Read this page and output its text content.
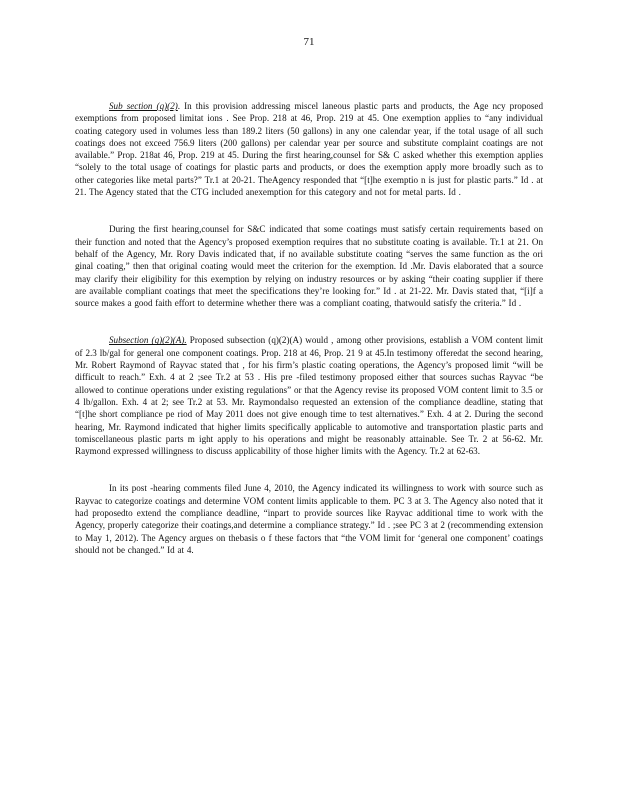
71

Sub section (q)(2). In this provision addressing miscel laneous plastic parts and products, the Age ncy proposed exemptions from proposed limitat ions . See Prop. 218 at 46, Prop. 219 at 45. One exemption applies to “any individual coating category used in volumes less than 189.2 liters (50 gallons) in any one calendar year, if the total usage of all such coatings does not exceed 756.9 liters (200 gallons) per calendar year per source and substitute complaint coatings are not available.” Prop. 218at 46, Prop. 219 at 45. During the first hearing,counsel for S& C asked whether this exemption applies “solely to the total usage of coatings for plastic parts and products, or does the exemption apply more broadly such as to other categories like metal parts?” Tr.1 at 20-21. TheAgency responded that “[t]he exemptio n is just for plastic parts.” Id . at 21. The Agency stated that the CTG included anexemption for this category and not for metal parts. Id .

During the first hearing,counsel for S&C indicated that some coatings must satisfy certain requirements based on their function and noted that the Agency’s proposed exemption requires that no substitute coating is available. Tr.1 at 21. On behalf of the Agency, Mr. Rory Davis indicated that, if no available substitute coating “serves the same function as the ori ginal coating,” then that original coating would meet the criterion for the exemption. Id .Mr. Davis elaborated that a source may clarify their eligibility for this exemption by relying on industry resources or by asking “their coating supplier if there are available compliant coatings that meet the specifications they’re looking for.” Id . at 21-22. Mr. Davis stated that, “[i]f a source makes a good faith effort to determine whether there was a compliant coating, thatwould satisfy the criteria.” Id .

Subsection (q)(2)(A). Proposed subsection (q)(2)(A) would , among other provisions, establish a VOM content limit of 2.3 lb/gal for general one component coatings. Prop. 218 at 46, Prop. 21 9 at 45.In testimony offeredat the second hearing, Mr. Robert Raymond of Rayvac stated that , for his firm’s plastic coating operations, the Agency’s proposed limit “will be difficult to reach.” Exh. 4 at 2 ;see Tr.2 at 53 . His pre -filed testimony proposed either that sources suchas Rayvac “be allowed to continue operations under existing regulations” or that the Agency revise its proposed VOM content limit to 3.5 or 4 lb/gallon. Exh. 4 at 2; see Tr.2 at 53. Mr. Raymondalso requested an extension of the compliance deadline, stating that “[t]he short compliance pe riod of May 2011 does not give enough time to test alternatives.” Exh. 4 at 2. During the second hearing, Mr. Raymond indicated that higher limits specifically applicable to automotive and transportation plastic parts and tomiscellaneous plastic parts m ight apply to his operations and might be reasonably attainable. See Tr. 2 at 56-62. Mr. Raymond expressed willingness to discuss applicability of those higher limits with the Agency. Tr.2 at 62-63.

In its post -hearing comments filed June 4, 2010, the Agency indicated its willingness to work with source such as Rayvac to categorize coatings and determine VOM content limits applicable to them. PC 3 at 3. The Agency also noted that it had proposedto extend the compliance deadline, “inpart to provide sources like Rayvac additional time to work with the Agency, properly categorize their coatings,and determine a compliance strategy.” Id . ;see PC 3 at 2 (recommending extension to May 1, 2012). The Agency argues on thebasis o f these factors that “the VOM limit for ‘general one component’ coatings should not be changed.” Id at 4.
